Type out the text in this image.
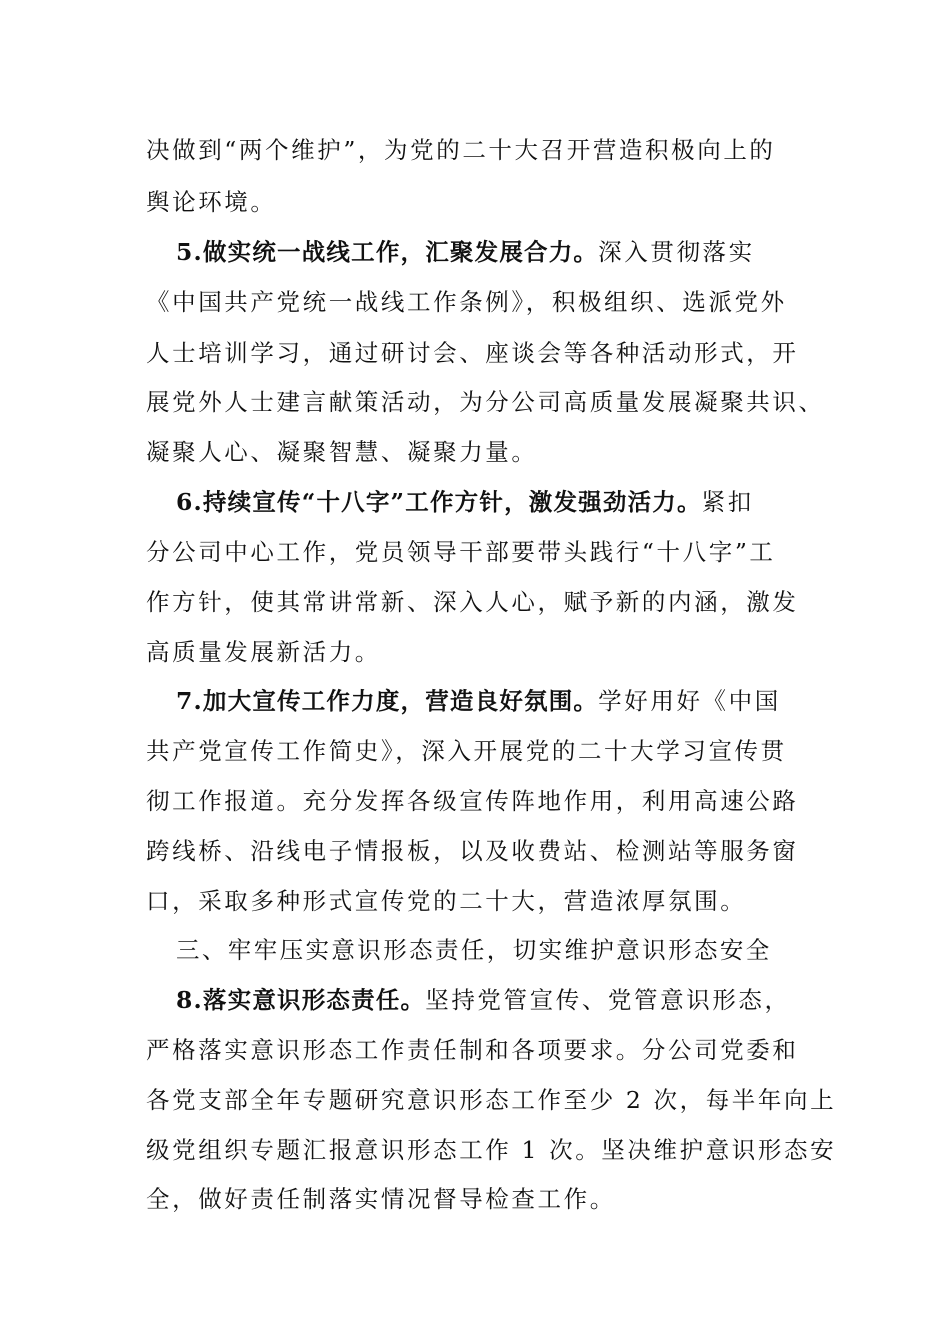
决做到“两个维护”，为党的二十大召开营造积极向上的
舆论环境。
5.做实统一战线工作，汇聚发展合力。深入贯彻落实
《中国共产党统一战线工作条例》，积极组织、选派党外
人士培训学习，通过研讨会、座谈会等各种活动形式，开
展党外人士建言献策活动，为分公司高质量发展凝聚共识、
凝聚人心、凝聚智慧、凝聚力量。
6.持续宣传“十八字”工作方针，激发强劲活力。紧扣
分公司中心工作，党员领导干部要带头践行“十八字”工
作方针，使其常讲常新、深入人心，赋予新的内涵，激发
高质量发展新活力。
7.加大宣传工作力度，营造良好氛围。学好用好《中国
共产党宣传工作简史》，深入开展党的二十大学习宣传贯
彻工作报道。充分发挥各级宣传阵地作用，利用高速公路
跨线桥、沿线电子情报板，以及收费站、检测站等服务窗
口，采取多种形式宣传党的二十大，营造浓厚氛围。
三、牢牢压实意识形态责任，切实维护意识形态安全
8.落实意识形态责任。坚持党管宣传、党管意识形态，
严格落实意识形态工作责任制和各项要求。分公司党委和
各党支部全年专题研究意识形态工作至少 2 次，每半年向上
级党组织专题汇报意识形态工作 1 次。坚决维护意识形态安
全，做好责任制落实情况督导检查工作。
